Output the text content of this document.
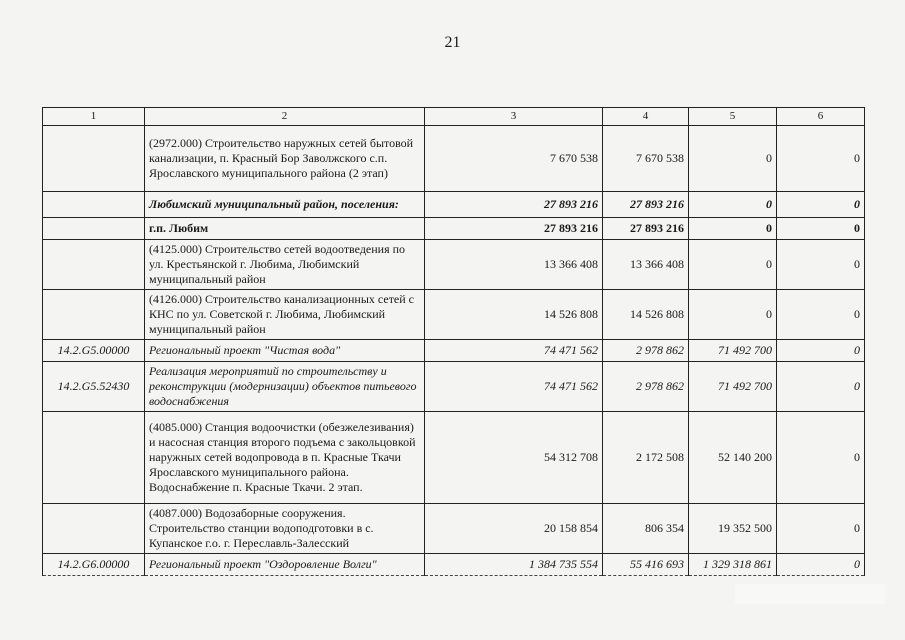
21
1	2	3	4	5	6
	(2972.000) Строительство наружных сетей бытовой канализации, п. Красный Бор Заволжского с.п. Ярославского муниципального района (2 этап)	7 670 538	7 670 538	0	0
	Любимский муниципальный район, поселения:	27 893 216	27 893 216	0	0
	г.п. Любим	27 893 216	27 893 216	0	0
	(4125.000) Строительство сетей водоотведения по ул. Крестьянской г. Любима, Любимский муниципальный район	13 366 408	13 366 408	0	0
	(4126.000) Строительство канализационных сетей с КНС по ул. Советской г. Любима, Любимский муниципальный район	14 526 808	14 526 808	0	0
14.2.G5.00000	Региональный проект "Чистая вода"	74 471 562	2 978 862	71 492 700	0
14.2.G5.52430	Реализация мероприятий по строительству и реконструкции (модернизации) объектов питьевого водоснабжения	74 471 562	2 978 862	71 492 700	0
	(4085.000) Станция водоочистки (обезжелезивания) и насосная станция второго подъема с закольцовкой наружных сетей водопровода в п. Красные Ткачи Ярославского муниципального района. Водоснабжение п. Красные Ткачи. 2 этап.	54 312 708	2 172 508	52 140 200	0
	(4087.000) Водозаборные сооружения. Строительство станции водоподготовки в с. Купанское г.о. г. Переславль-Залесский	20 158 854	806 354	19 352 500	0
14.2.G6.00000	Региональный проект "Оздоровление Волги"	1 384 735 554	55 416 693	1 329 318 861	0
